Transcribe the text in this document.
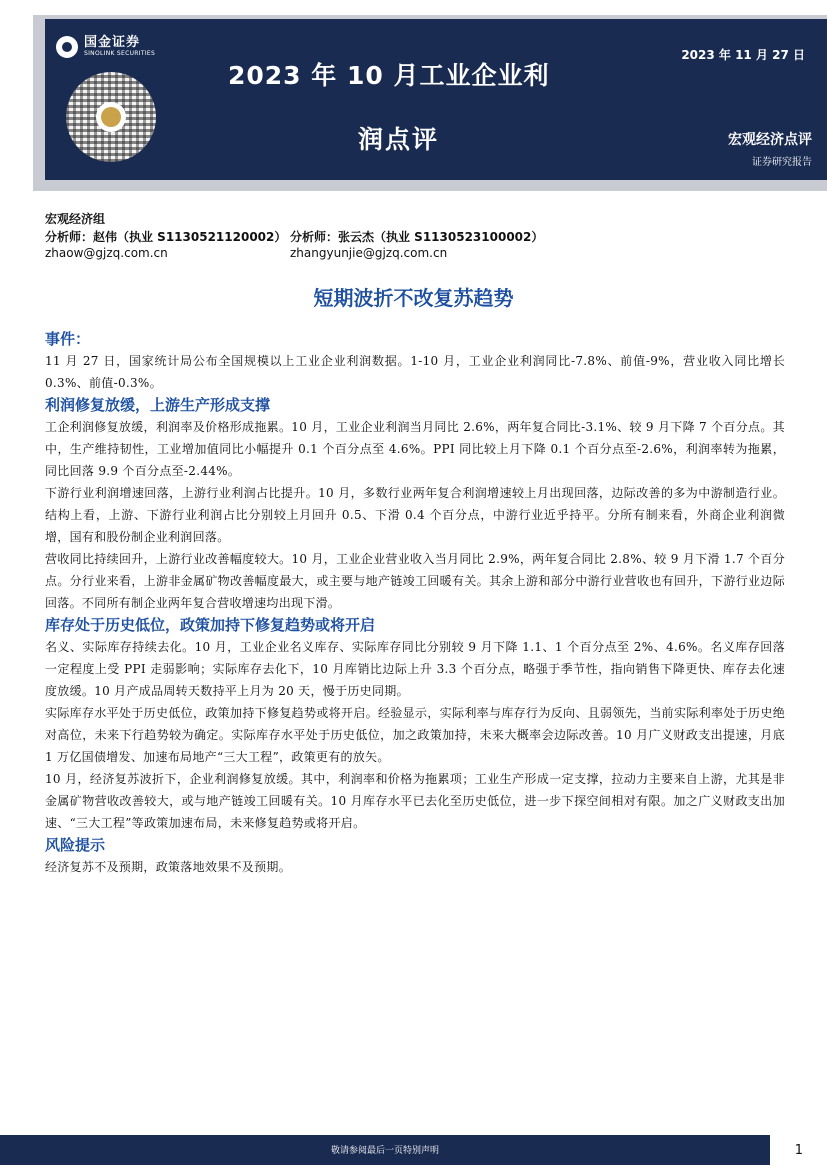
国金证券
SINOLINK SECURITIES	2023 年 11 月 27 日
2023 年 10 月工业企业利
润点评	宏观经济点评
证券研究报告
宏观经济组
分析师：赵伟（执业 S1130521120002）
zhaow@gjzq.com.cn
分析师：张云杰（执业 S1130523100002）
zhangyunjie@gjzq.com.cn
短期波折不改复苏趋势
事件：
11 月 27 日，国家统计局公布全国规模以上工业企业利润数据。1-10 月，工业企业利润同比-7.8%、前值-9%，营业收入同比增长 0.3%、前值-0.3%。
利润修复放缓，上游生产形成支撑
工企利润修复放缓，利润率及价格形成拖累。10 月，工业企业利润当月同比 2.6%，两年复合同比-3.1%、较 9 月下降 7 个百分点。其中，生产维持韧性，工业增加值同比小幅提升 0.1 个百分点至 4.6%。PPI 同比较上月下降 0.1 个百分点至-2.6%，利润率转为拖累，同比回落 9.9 个百分点至-2.44%。
下游行业利润增速回落，上游行业利润占比提升。10 月，多数行业两年复合利润增速较上月出现回落，边际改善的多为中游制造行业。结构上看，上游、下游行业利润占比分别较上月回升 0.5、下滑 0.4 个百分点，中游行业近乎持平。分所有制来看，外商企业利润微增，国有和股份制企业利润回落。
营收同比持续回升，上游行业改善幅度较大。10 月，工业企业营业收入当月同比 2.9%，两年复合同比 2.8%、较 9 月下滑 1.7 个百分点。分行业来看，上游非金属矿物改善幅度最大，或主要与地产链竣工回暖有关。其余上游和部分中游行业营收也有回升，下游行业边际回落。不同所有制企业两年复合营收增速均出现下滑。
库存处于历史低位，政策加持下修复趋势或将开启
名义、实际库存持续去化。10 月，工业企业名义库存、实际库存同比分别较 9 月下降 1.1、1 个百分点至 2%、4.6%。名义库存回落一定程度上受 PPI 走弱影响；实际库存去化下，10 月库销比边际上升 3.3 个百分点，略强于季节性，指向销售下降更快、库存去化速度放缓。10 月产成品周转天数持平上月为 20 天，慢于历史同期。
实际库存水平处于历史低位，政策加持下修复趋势或将开启。经验显示，实际利率与库存行为反向、且弱领先，当前实际利率处于历史绝对高位，未来下行趋势较为确定。实际库存水平处于历史低位，加之政策加持，未来大概率会边际改善。10 月广义财政支出提速，月底 1 万亿国债增发、加速布局地产“三大工程”，政策更有的放矢。
10 月，经济复苏波折下，企业利润修复放缓。其中，利润率和价格为拖累项；工业生产形成一定支撑，拉动力主要来自上游，尤其是非金属矿物营收改善较大，或与地产链竣工回暖有关。10 月库存水平已去化至历史低位，进一步下探空间相对有限。加之广义财政支出加速、“三大工程”等政策加速布局，未来修复趋势或将开启。
风险提示
经济复苏不及预期，政策落地效果不及预期。
敬请参阅最后一页特别声明	1
